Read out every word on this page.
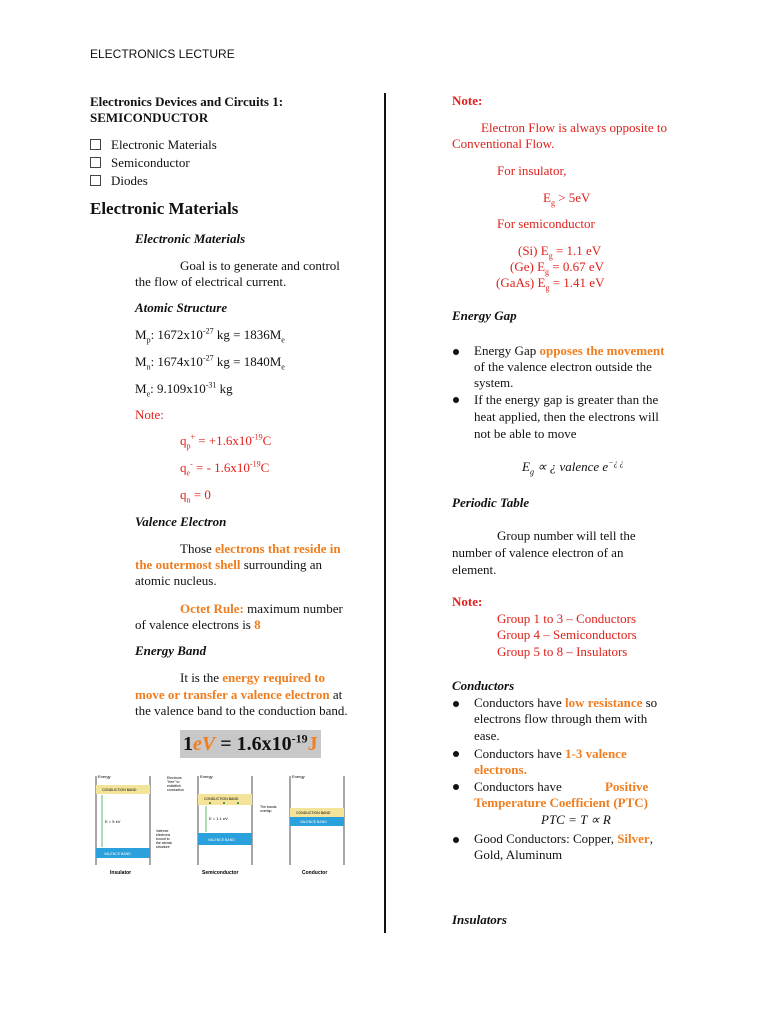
ELECTRONICS LECTURE
Electronics Devices and Circuits 1:
SEMICONDUCTOR
Electronic Materials
Semiconductor
Diodes
Electronic Materials
Electronic Materials
Goal is to generate and control
the flow of electrical current.
Atomic Structure
$M_p$: $1672x10^{-27}$ kg = $1836M_e$
$M_n$: $1674x10^{-27}$ kg = $1840M_e$
$M_e$: $9.109x10^{-31}$ kg
Note:
$q_p^+ = +1.6x10^{-19}C$
$q_e^-$ = - $1.6x10^{-19}C$
$q_n = 0$
Valence Electron
Those electrons that reside in
the outermost shell surrounding an
atomic nucleus.
Octet Rule: maximum number
of valence electrons is 8
Energy Band
It is the energy required to
move or transfer a valence electron at
the valence band to the conduction band.
$1eV = 1.6x10^{-19}J$
Energy
CONDUCTION BAND
VALENCE BAND
E = 5 eV
Insulator
Electrons "free" to establish conduction
Valence electrons bound to the atomic structure
Energy
CONDUCTION BAND
VALENCE BAND
E = 1.1 eV
Semiconductor
The bands overlap
Energy
CONDUCTION BAND
VALENCE BAND
Conductor
Note:
Electron Flow is always opposite to
Conventional Flow.
For insulator,
$E_g > 5eV$
For semiconductor
(Si) $E_g = 1.1$ eV
(Ge) $E_g = 0.67$ eV
(GaAs) $E_g = 1.41$ eV
Energy Gap
Energy Gap opposes the movement
of the valence electron outside the
system.
If the energy gap is greater than the
heat applied, then the electrons will
not be able to move
$E_g$ ∝ ¿ valence e−¿ ¿
Periodic Table
Group number will tell the
number of valence electron of an
element.
Note:
Group 1 to 3 – Conductors
Group 4 – Semiconductors
Group 5 to 8 – Insulators
Conductors
Conductors have low resistance so
electrons flow through them with
ease.
Conductors have 1-3 valence
electrons.
Conductors have	Positive
Temperature Coefficient (PTC)
PTC = T ∝ R
Good Conductors: Copper, Silver,
Gold, Aluminum
Insulators
